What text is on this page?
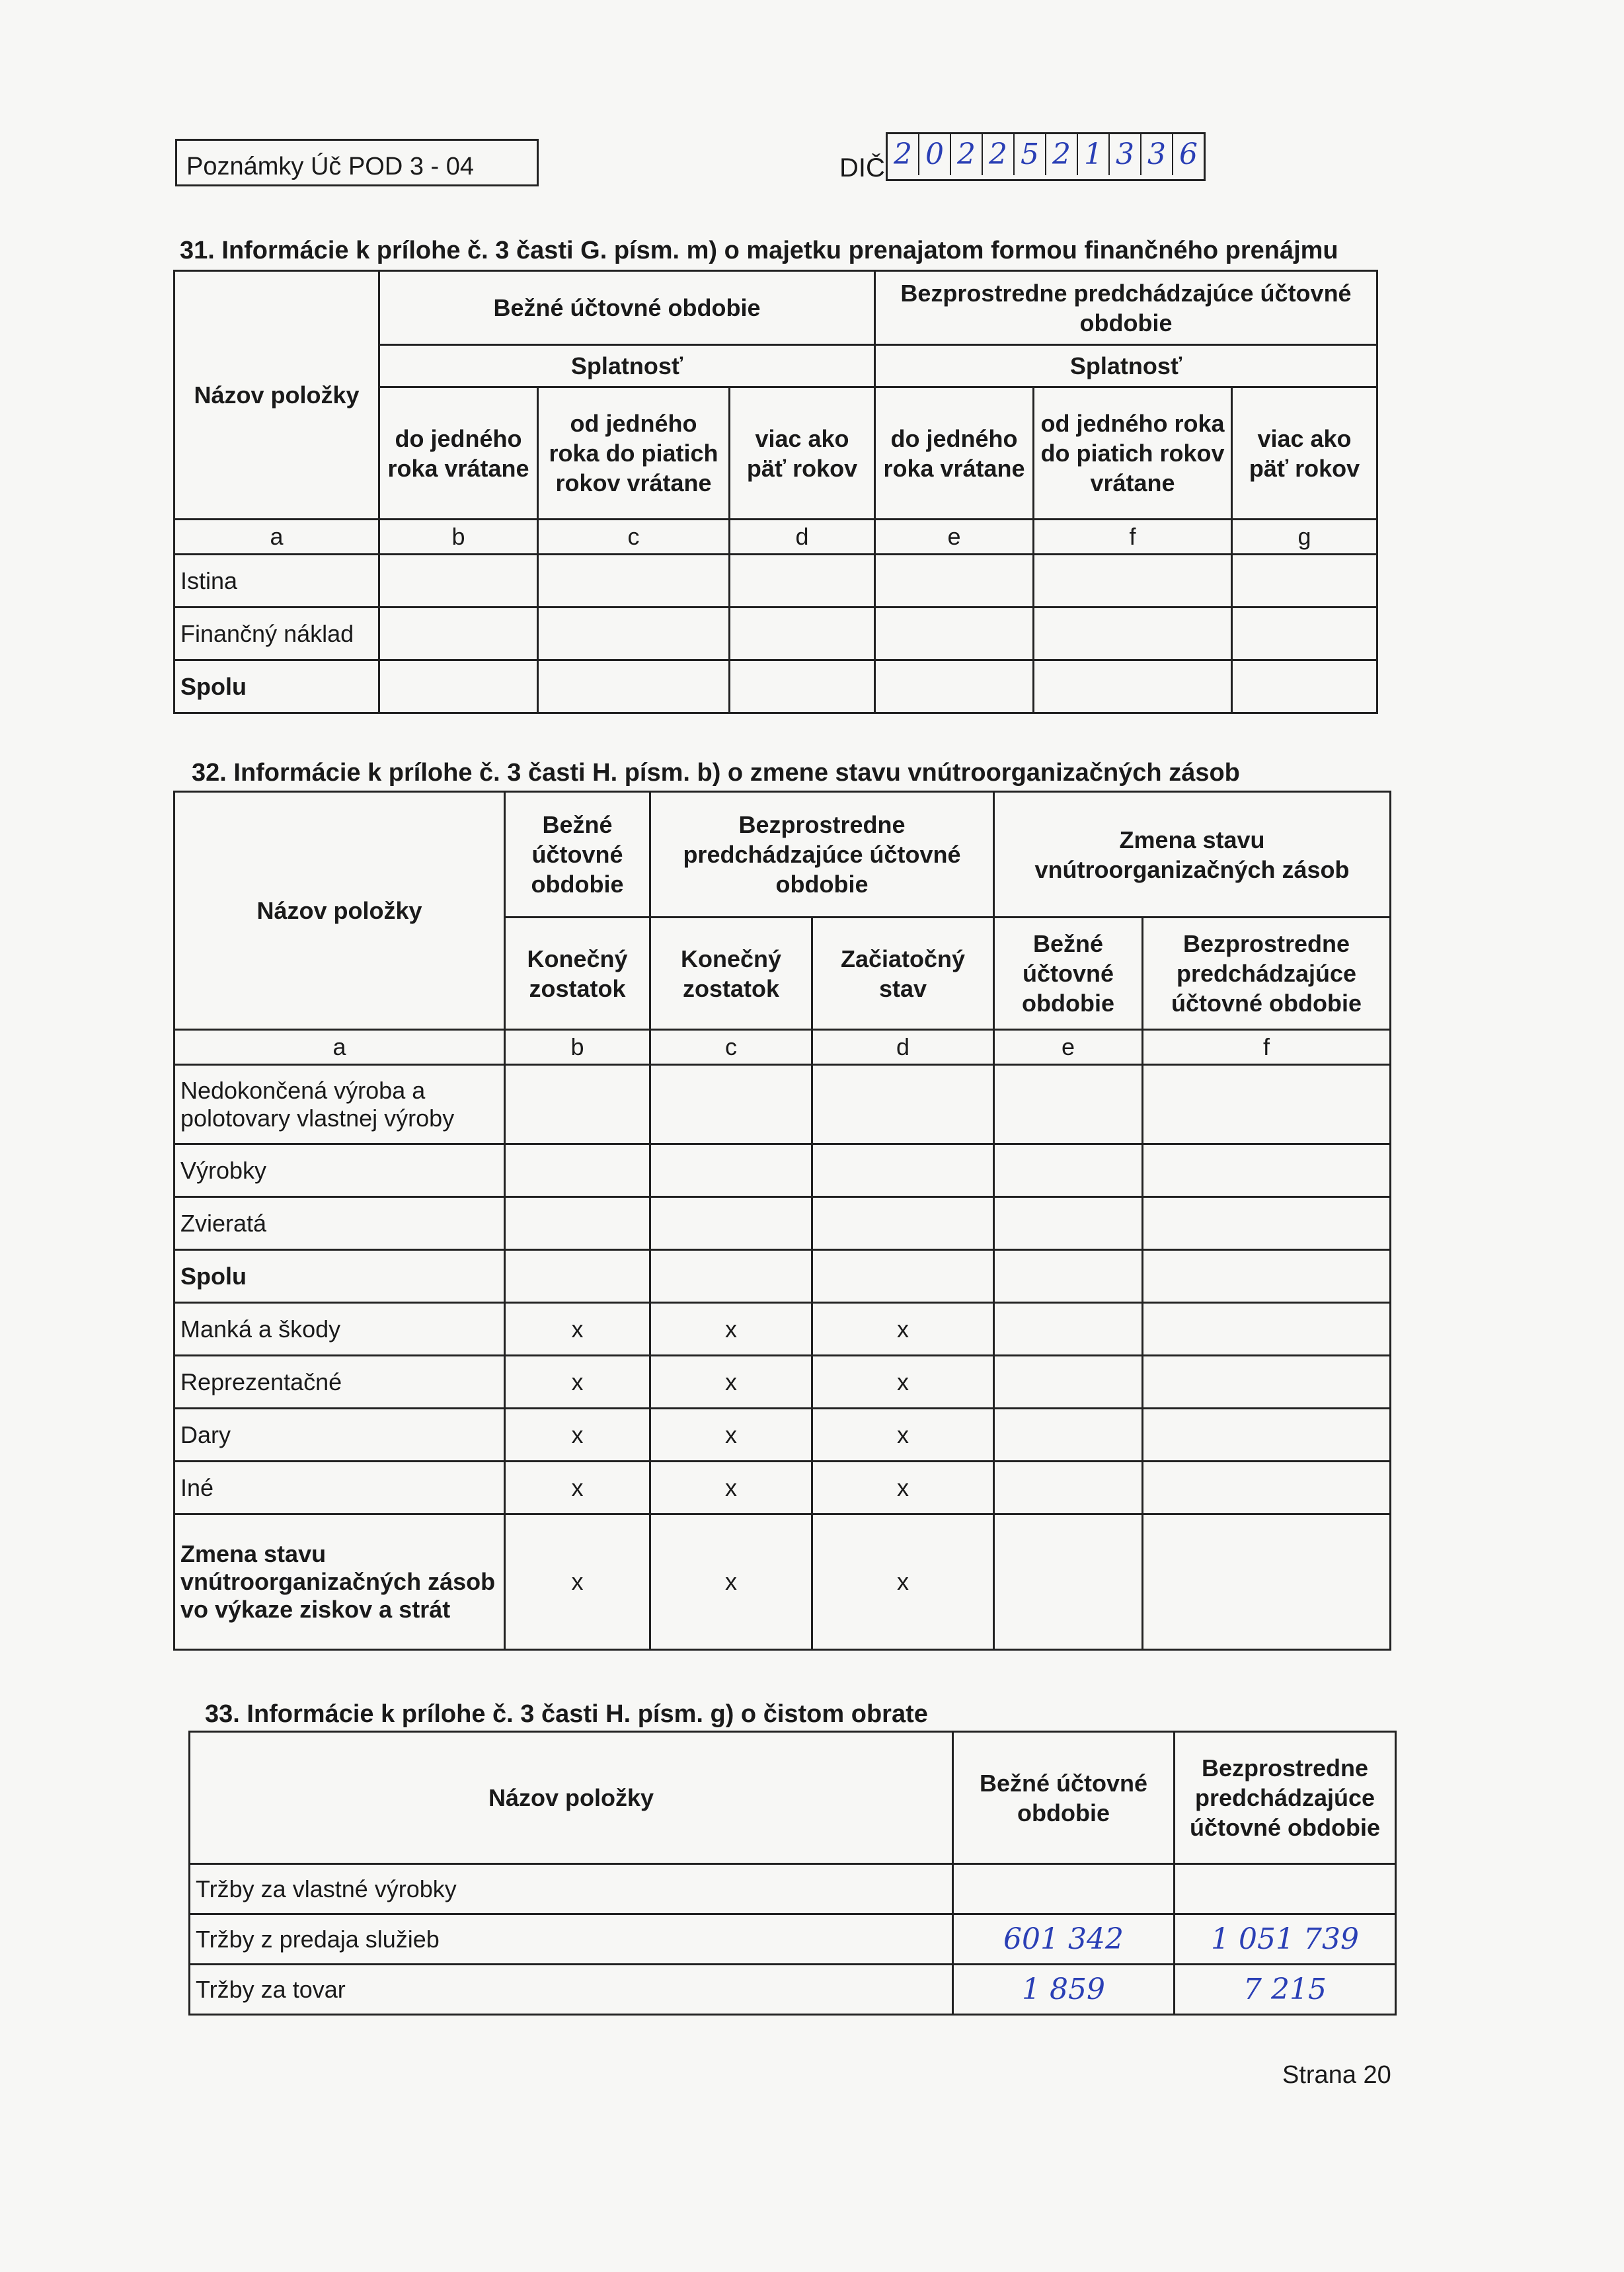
Poznámky Úč POD 3 - 04	DIČ 2 0 2 2 5 2 1 3 3 6
31. Informácie k prílohe č. 3 časti G. písm. m) o majetku prenajatom formou finančného prenájmu
Názov položky	Bežné účtovné obdobie			Bezprostredne predchádzajúce účtovné obdobie		
	Splatnosť			Splatnosť		
	do jedného roka vrátane	od jedného roka do piatich rokov vrátane	viac ako päť rokov	do jedného roka vrátane	od jedného roka do piatich rokov vrátane	viac ako päť rokov
a	b	c	d	e	f	g
Istina						
Finančný náklad						
Spolu						
32. Informácie k prílohe č. 3 časti H. písm. b) o zmene stavu vnútroorganizačných zásob
Názov položky	Bežné účtovné obdobie	Bezprostredne predchádzajúce účtovné obdobie		Zmena stavu vnútroorganizačných zásob	
	Konečný zostatok	Konečný zostatok	Začiatočný stav	Bežné účtovné obdobie	Bezprostredne predchádzajúce účtovné obdobie
a	b	c	d	e	f
Nedokončená výroba a polotovary vlastnej výroby					
Výrobky					
Zvieratá					
Spolu					
Manká a škody	x	x	x		
Reprezentačné	x	x	x		
Dary	x	x	x		
Iné	x	x	x		
Zmena stavu vnútroorganizačných zásob vo výkaze ziskov a strát	x	x	x		
33. Informácie k prílohe č. 3 časti H. písm. g) o čistom obrate
Názov položky	Bežné účtovné obdobie	Bezprostredne predchádzajúce účtovné obdobie
Tržby za vlastné výrobky		
Tržby z predaja služieb	601 342	1 051 739
Tržby za tovar	1 859	7 215
Strana 20
